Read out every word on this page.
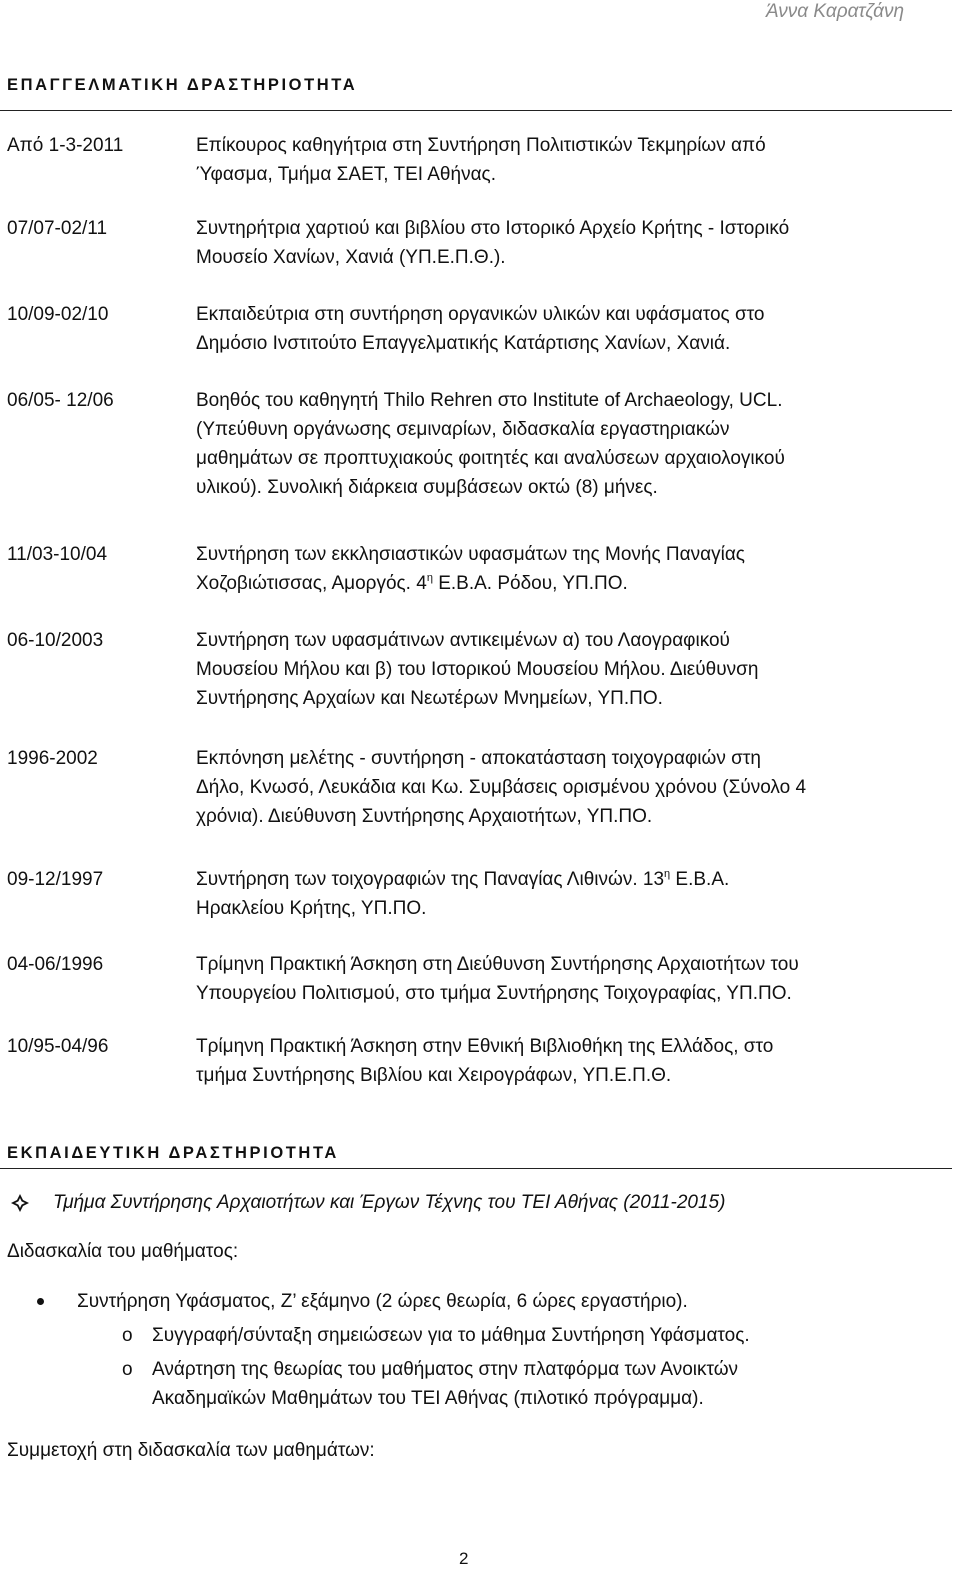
Άννα Καρατζάνη
ΕΠΑΓΓΕΛΜΑΤΙΚΗ ΔΡΑΣΤΗΡΙΟΤΗΤΑ
Από 1-3-2011	Επίκουρος καθηγήτρια στη Συντήρηση Πολιτιστικών Τεκμηρίων από
Ύφασμα, Τμήμα ΣΑΕΤ, ΤΕΙ Αθήνας.
07/07-02/11	Συντηρήτρια χαρτιού και βιβλίου στο Ιστορικό Αρχείο Κρήτης - Ιστορικό
Μουσείο Χανίων, Χανιά (ΥΠ.Ε.Π.Θ.).
10/09-02/10	Εκπαιδεύτρια στη συντήρηση οργανικών υλικών και υφάσματος στο
Δημόσιο Ινστιτούτο Επαγγελματικής Κατάρτισης Χανίων, Χανιά.
06/05- 12/06	Βοηθός του καθηγητή Thilo Rehren στο Institute of Archaeology, UCL.
(Υπεύθυνη οργάνωσης σεμιναρίων, διδασκαλία εργαστηριακών
μαθημάτων σε προπτυχιακούς φοιτητές και αναλύσεων αρχαιολογικού
υλικού). Συνολική διάρκεια συμβάσεων οκτώ (8) μήνες.
11/03-10/04	Συντήρηση των εκκλησιαστικών υφασμάτων της Μονής Παναγίας
Χοζοβιώτισσας, Αμοργός. $4^\eta$ Ε.Β.Α. Ρόδου, ΥΠ.ΠΟ.
06-10/2003	Συντήρηση των υφασμάτινων αντικειμένων α) του Λαογραφικού
Μουσείου Μήλου και β) του Ιστορικού Μουσείου Μήλου. Διεύθυνση
Συντήρησης Αρχαίων και Νεωτέρων Μνημείων, ΥΠ.ΠΟ.
1996-2002	Εκπόνηση μελέτης - συντήρηση - αποκατάσταση τοιχογραφιών στη
Δήλο, Κνωσό, Λευκάδια και Κω. Συμβάσεις ορισμένου χρόνου (Σύνολο 4
χρόνια). Διεύθυνση Συντήρησης Αρχαιοτήτων, ΥΠ.ΠΟ.
09-12/1997	Συντήρηση των τοιχογραφιών της Παναγίας Λιθινών. $13^\eta$ Ε.Β.Α.
Ηρακλείου Κρήτης, ΥΠ.ΠΟ.
04-06/1996	Τρίμηνη Πρακτική Άσκηση στη Διεύθυνση Συντήρησης Αρχαιοτήτων του
Υπουργείου Πολιτισμού, στο τμήμα Συντήρησης Τοιχογραφίας, ΥΠ.ΠΟ.
10/95-04/96	Τρίμηνη Πρακτική Άσκηση στην Εθνική Βιβλιοθήκη της Ελλάδος, στο
τμήμα Συντήρησης Βιβλίου και Χειρογράφων, ΥΠ.Ε.Π.Θ.
ΕΚΠΑΙΔΕΥΤΙΚΗ ΔΡΑΣΤΗΡΙΟΤΗΤΑ
Τμήμα Συντήρησης Αρχαιοτήτων και Έργων Τέχνης του ΤΕΙ Αθήνας (2011-2015)
Διδασκαλία του μαθήματος:
Συντήρηση Υφάσματος, Ζ’ εξάμηνο (2 ώρες θεωρία, 6 ώρες εργαστήριο).
o Συγγραφή/σύνταξη σημειώσεων για το μάθημα Συντήρηση Υφάσματος.
o Ανάρτηση της θεωρίας του μαθήματος στην πλατφόρμα των Ανοικτών
Ακαδημαϊκών Μαθημάτων του ΤΕΙ Αθήνας (πιλοτικό πρόγραμμα).
Συμμετοχή στη διδασκαλία των μαθημάτων:
2
